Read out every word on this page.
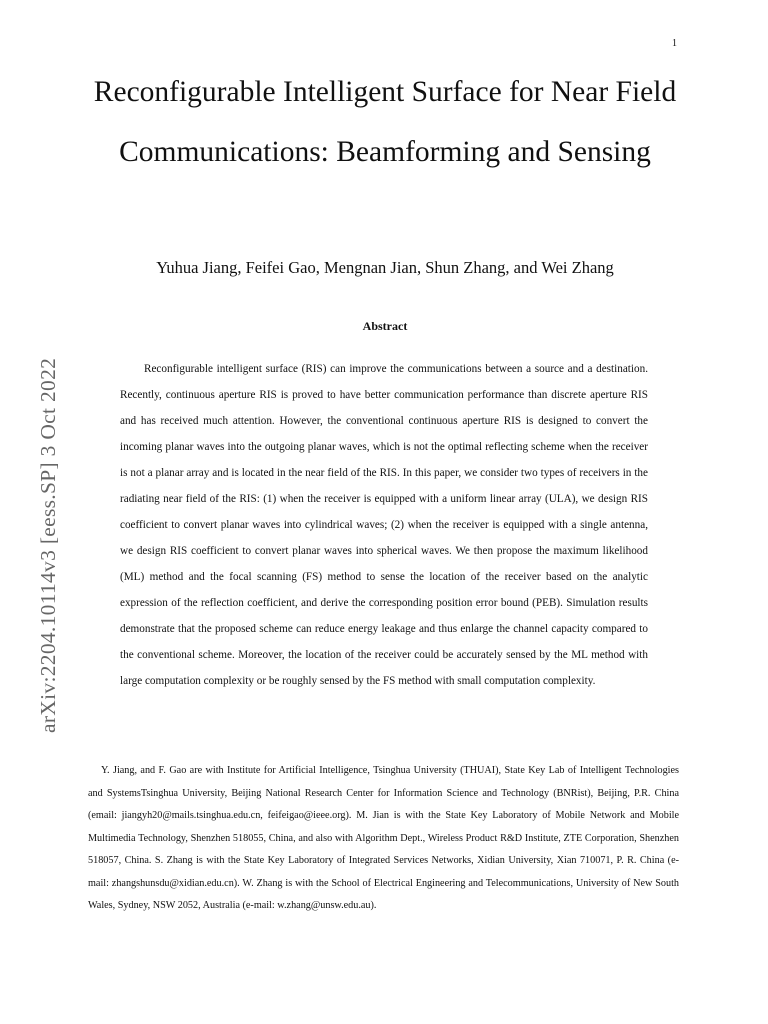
1
arXiv:2204.10114v3 [eess.SP] 3 Oct 2022
Reconfigurable Intelligent Surface for Near Field Communications: Beamforming and Sensing

Yuhua Jiang, Feifei Gao, Mengnan Jian, Shun Zhang, and Wei Zhang

Abstract

Reconfigurable intelligent surface (RIS) can improve the communications between a source and a destination. Recently, continuous aperture RIS is proved to have better communication performance than discrete aperture RIS and has received much attention. However, the conventional continuous aperture RIS is designed to convert the incoming planar waves into the outgoing planar waves, which is not the optimal reflecting scheme when the receiver is not a planar array and is located in the near field of the RIS. In this paper, we consider two types of receivers in the radiating near field of the RIS: (1) when the receiver is equipped with a uniform linear array (ULA), we design RIS coefficient to convert planar waves into cylindrical waves; (2) when the receiver is equipped with a single antenna, we design RIS coefficient to convert planar waves into spherical waves. We then propose the maximum likelihood (ML) method and the focal scanning (FS) method to sense the location of the receiver based on the analytic expression of the reflection coefficient, and derive the corresponding position error bound (PEB). Simulation results demonstrate that the proposed scheme can reduce energy leakage and thus enlarge the channel capacity compared to the conventional scheme. Moreover, the location of the receiver could be accurately sensed by the ML method with large computation complexity or be roughly sensed by the FS method with small computation complexity.

Y. Jiang, and F. Gao are with Institute for Artificial Intelligence, Tsinghua University (THUAI), State Key Lab of Intelligent Technologies and SystemsTsinghua University, Beijing National Research Center for Information Science and Technology (BNRist), Beijing, P.R. China (email: jiangyh20@mails.tsinghua.edu.cn, feifeigao@ieee.org). M. Jian is with the State Key Laboratory of Mobile Network and Mobile Multimedia Technology, Shenzhen 518055, China, and also with Algorithm Dept., Wireless Product R&D Institute, ZTE Corporation, Shenzhen 518057, China. S. Zhang is with the State Key Laboratory of Integrated Services Networks, Xidian University, Xian 710071, P. R. China (e-mail: zhangshunsdu@xidian.edu.cn). W. Zhang is with the School of Electrical Engineering and Telecommunications, University of New South Wales, Sydney, NSW 2052, Australia (e-mail: w.zhang@unsw.edu.au).
